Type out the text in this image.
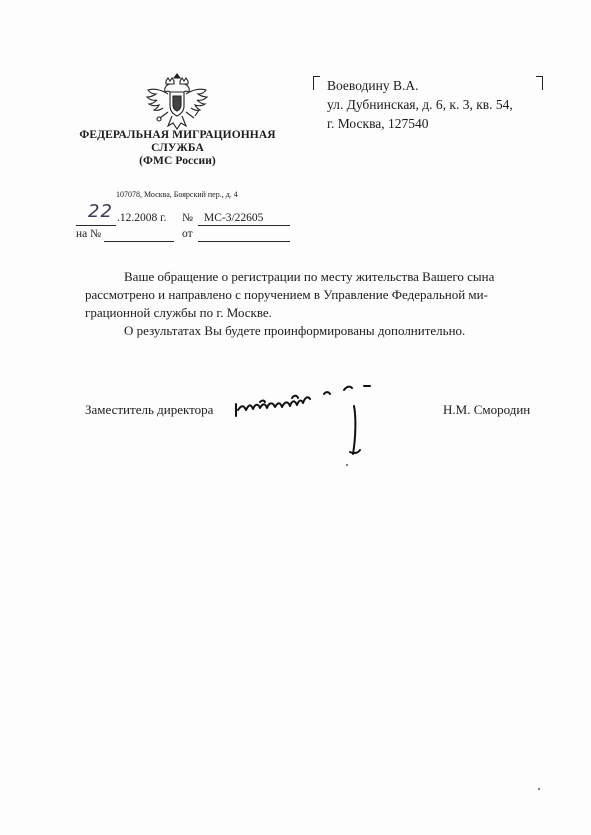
ФЕДЕРАЛЬНАЯ МИГРАЦИОННАЯ
СЛУЖБА
(ФМС России)
107078, Москва, Боярский пер., д. 4
22 .12.2008 г. № МС-3/22605
на №	от
Воеводину В.А.
ул. Дубнинская, д. 6, к. 3, кв. 54,
г. Москва, 127540
Ваше обращение о регистрации по месту жительства Вашего сына
рассмотрено и направлено с поручением в Управление Федеральной ми-
грационной службы по г. Москве.
О результатах Вы будете проинформированы дополнительно.
Заместитель директора	Н.М. Смородин
